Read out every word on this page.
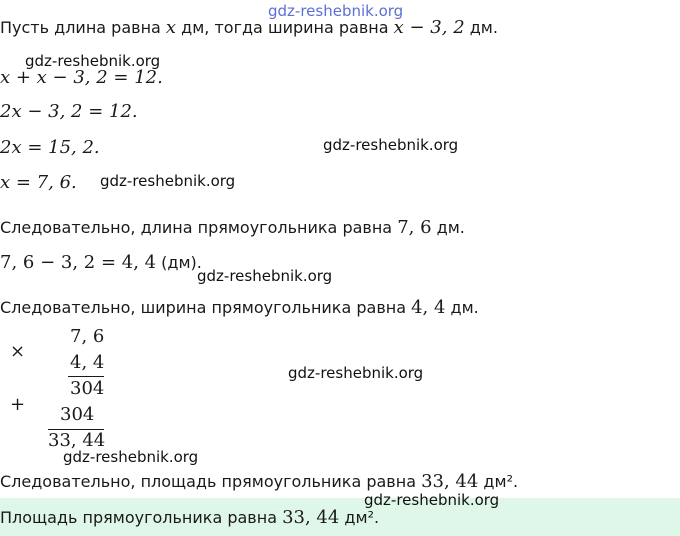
gdz-reshebnik.org
Пусть длина равна x дм, тогда ширина равна x − 3, 2 дм.
gdz-reshebnik.org
x + x − 3, 2 = 12.
2x − 3, 2 = 12.
2x = 15, 2.	gdz-reshebnik.org
x = 7, 6. gdz-reshebnik.org
Следовательно, длина прямоугольника равна 7, 6 дм.
7, 6 − 3, 2 = 4, 4 (дм).
gdz-reshebnik.org
Следовательно, ширина прямоугольника равна 4, 4 дм.
×
7, 6
4, 4
304
+ 304
33, 44
gdz-reshebnik.org
gdz-reshebnik.org
Следовательно, площадь прямоугольника равна 33, 44 дм².
Площадь прямоугольника равна 33, 44 дм².
gdz-reshebnik.org
